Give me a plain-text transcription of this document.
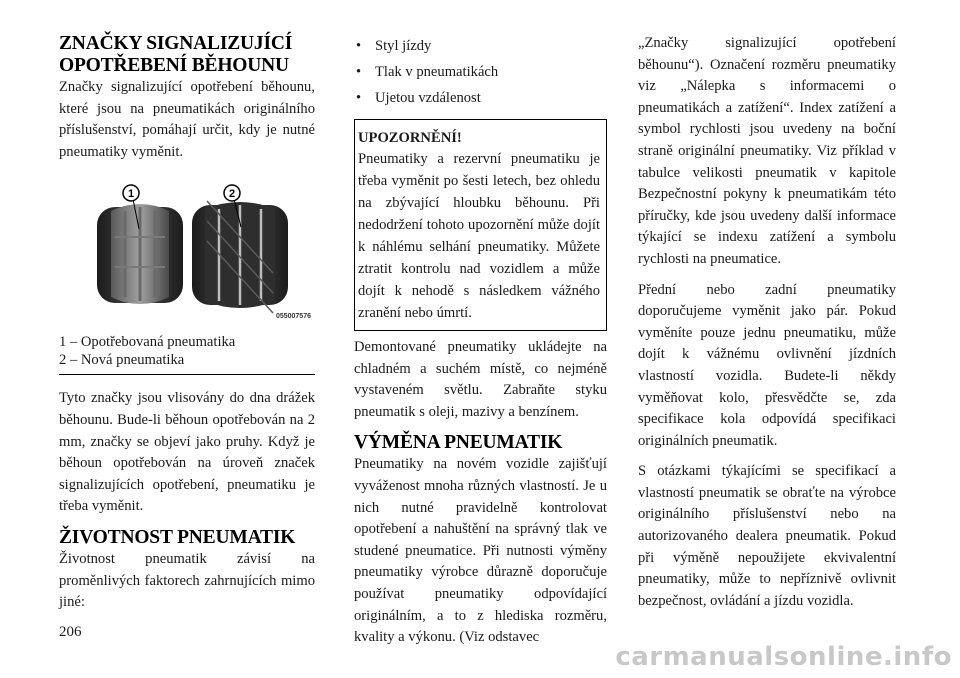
ZNAČKY SIGNALIZUJÍCÍ OPOTŘEBENÍ BĚHOUNU

Značky signalizující opotřebení běhounu, které jsou na pneumatikách originálního příslušenství, pomáhají určit, kdy je nutné pneumatiky vyměnit.

1	2
055007576
1 – Opotřebovaná pneumatika
2 – Nová pneumatika

Tyto značky jsou vlisovány do dna drážek běhounu. Bude-li běhoun opotřebován na 2 mm, značky se objeví jako pruhy. Když je běhoun opotřebován na úroveň značek signalizujících opotřebení, pneumatiku je třeba vyměnit.

ŽIVOTNOST PNEUMATIK

Životnost pneumatik závisí na proměnlivých faktorech zahrnujících mimo jiné:

• Styl jízdy
• Tlak v pneumatikách
• Ujetou vzdálenost
UPOZORNĚNÍ!

Pneumatiky a rezervní pneumatiku je třeba vyměnit po šesti letech, bez ohledu na zbývající hloubku běhounu. Při nedodržení tohoto upozornění může dojít k náhlému selhání pneumatiky. Můžete ztratit kontrolu nad vozidlem a může dojít k nehodě s následkem vážného zranění nebo úmrtí.

Demontované pneumatiky ukládejte na chladném a suchém místě, co nejméně vystaveném světlu. Zabraňte styku pneumatik s oleji, mazivy a benzínem.

VÝMĚNA PNEUMATIK

Pneumatiky na novém vozidle zajišťují vyváženost mnoha různých vlastností. Je u nich nutné pravidelně kontrolovat opotřebení a nahuštění na správný tlak ve studené pneumatice. Při nutnosti výměny pneumatiky výrobce důrazně doporučuje používat pneumatiky odpovídající originálním, a to z hlediska rozměru, kvality a výkonu. (Viz odstavec

„Značky signalizující opotřebení běhounu“). Označení rozměru pneumatiky viz „Nálepka s informacemi o pneumatikách a zatížení“. Index zatížení a symbol rychlosti jsou uvedeny na boční straně originální pneumatiky. Viz příklad v tabulce velikosti pneumatik v kapitole Bezpečnostní pokyny k pneumatikám této příručky, kde jsou uvedeny další informace týkající se indexu zatížení a symbolu rychlosti na pneumatice.

Přední nebo zadní pneumatiky doporučujeme vyměnit jako pár. Pokud vyměníte pouze jednu pneumatiku, může dojít k vážnému ovlivnění jízdních vlastností vozidla. Budete-li někdy vyměňovat kolo, přesvědčte se, zda specifikace kola odpovídá specifikaci originálních pneumatik.

S otázkami týkajícími se specifikací a vlastností pneumatik se obraťte na výrobce originálního příslušenství nebo na autorizovaného dealera pneumatik. Pokud při výměně nepoužijete ekvivalentní pneumatiky, může to nepříznivě ovlivnit bezpečnost, ovládání a jízdu vozidla.

206
carmanualsonline.info
